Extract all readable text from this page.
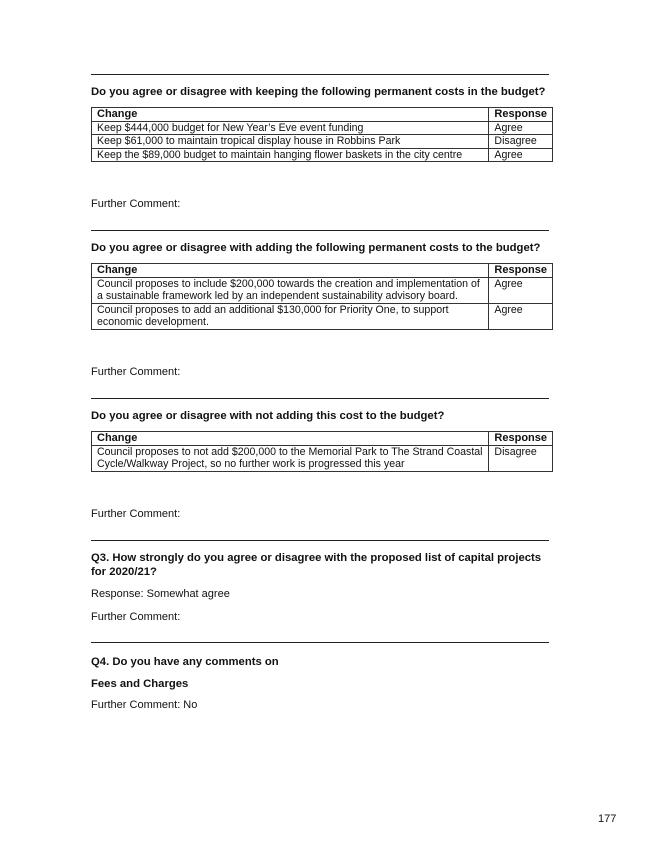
Do you agree or disagree with keeping the following permanent costs in the budget?
Change	Response
Keep $444,000 budget for New Year’s Eve event funding	Agree
Keep $61,000 to maintain tropical display house in Robbins Park	Disagree
Keep the $89,000 budget to maintain hanging flower baskets in the city centre	Agree
Further Comment:
Do you agree or disagree with adding the following permanent costs to the budget?
Change	Response
Council proposes to include $200,000 towards the creation and implementation of a sustainable framework led by an independent sustainability advisory board.	Agree
Council proposes to add an additional $130,000 for Priority One, to support economic development.	Agree
Further Comment:
Do you agree or disagree with not adding this cost to the budget?
Change	Response
Council proposes to not add $200,000 to the Memorial Park to The Strand Coastal Cycle/Walkway Project, so no further work is progressed this year	Disagree
Further Comment:
Q3. How strongly do you agree or disagree with the proposed list of capital projects for 2020/21?
Response: Somewhat agree
Further Comment:
Q4. Do you have any comments on
Fees and Charges
Further Comment: No
177
